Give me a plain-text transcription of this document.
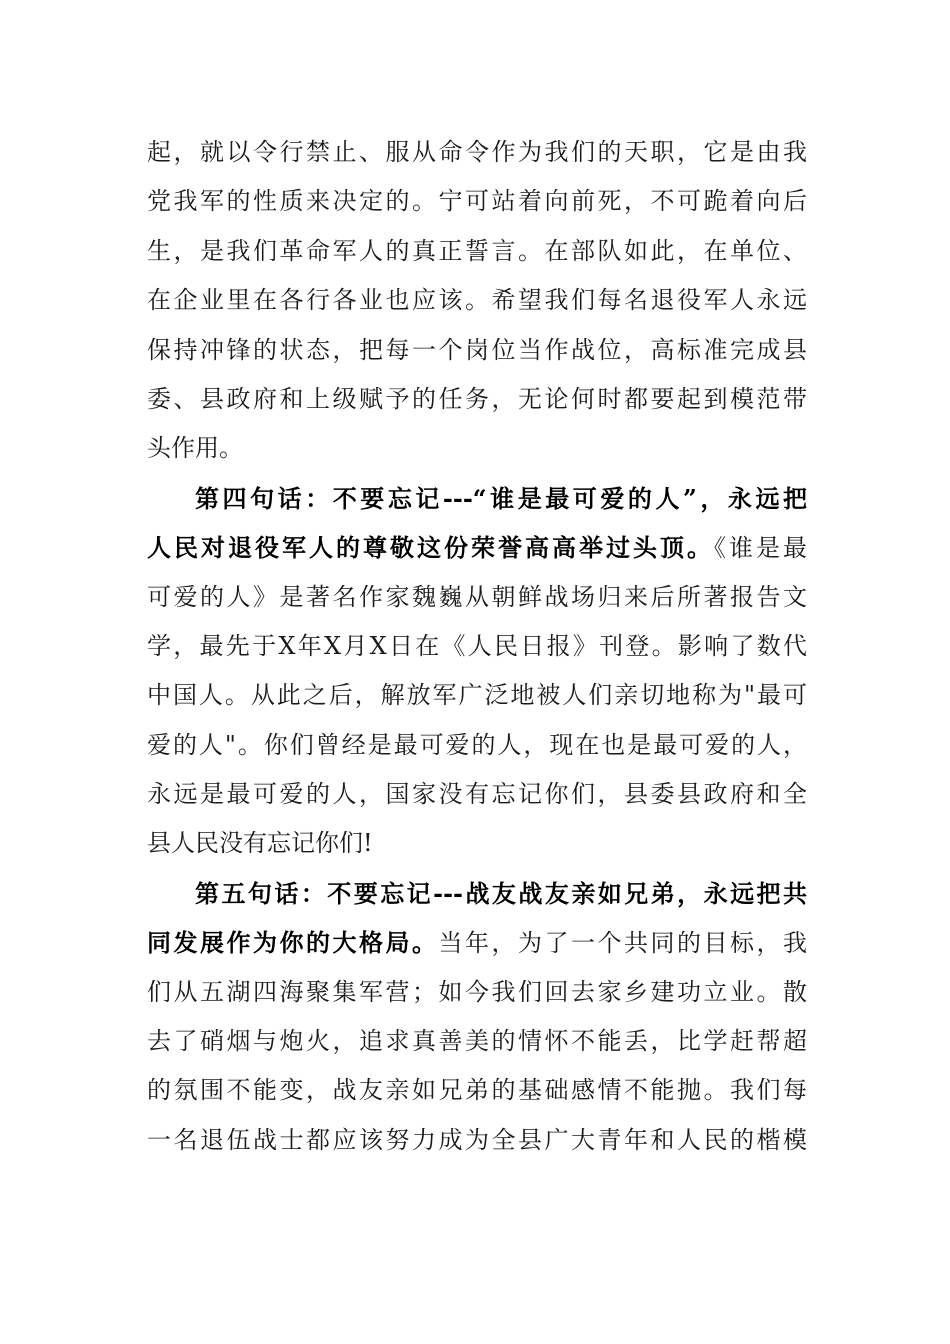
起，就以令行禁止、服从命令作为我们的天职，它是由我
党我军的性质来决定的。宁可站着向前死，不可跪着向后
生，是我们革命军人的真正誓言。在部队如此，在单位、
在企业里在各行各业也应该。希望我们每名退役军人永远
保持冲锋的状态，把每一个岗位当作战位，高标准完成县
委、县政府和上级赋予的任务，无论何时都要起到模范带
头作用。
第四句话：不要忘记---“谁是最可爱的人”，永远把
人民对退役军人的尊敬这份荣誉高高举过头顶。《谁是最
可爱的人》是著名作家魏巍从朝鲜战场归来后所著报告文
学，最先于X年X月X日在《人民日报》刊登。影响了数代
中国人。从此之后，解放军广泛地被人们亲切地称为"最可
爱的人"。你们曾经是最可爱的人，现在也是最可爱的人，
永远是最可爱的人，国家没有忘记你们，县委县政府和全
县人民没有忘记你们!
第五句话：不要忘记---战友战友亲如兄弟，永远把共
同发展作为你的大格局。当年，为了一个共同的目标，我
们从五湖四海聚集军营；如今我们回去家乡建功立业。散
去了硝烟与炮火，追求真善美的情怀不能丢，比学赶帮超
的氛围不能变，战友亲如兄弟的基础感情不能抛。我们每
一名退伍战士都应该努力成为全县广大青年和人民的楷模
